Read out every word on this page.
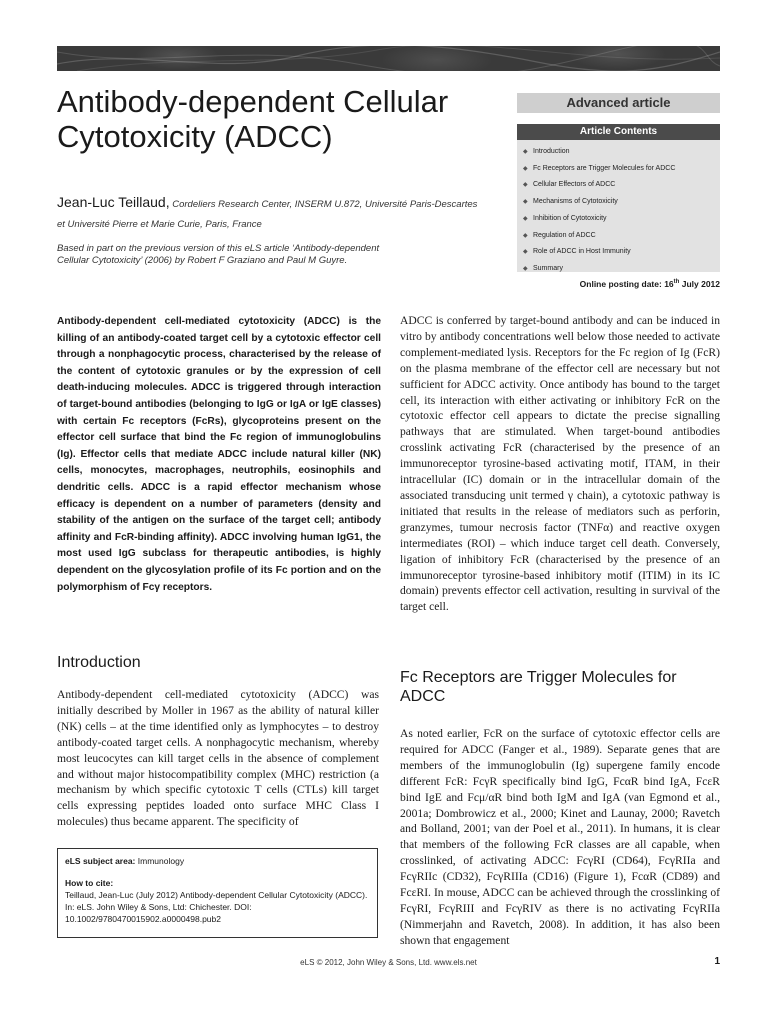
Antibody-dependent Cellular Cytotoxicity (ADCC)
Jean-Luc Teillaud, Cordeliers Research Center, INSERM U.872, Université Paris-Descartes et Université Pierre et Marie Curie, Paris, France
Based in part on the previous version of this eLS article ‘Antibody-dependent Cellular Cytotoxicity’ (2006) by Robert F Graziano and Paul M Guyre.
Advanced article
Article Contents
◆ Introduction
◆ Fc Receptors are Trigger Molecules for ADCC
◆ Cellular Effectors of ADCC
◆ Mechanisms of Cytotoxicity
◆ Inhibition of Cytotoxicity
◆ Regulation of ADCC
◆ Role of ADCC in Host Immunity
◆ Summary
Online posting date: 16th July 2012
Antibody-dependent cell-mediated cytotoxicity (ADCC) is the killing of an antibody-coated target cell by a cytotoxic effector cell through a nonphagocytic process, characterised by the release of the content of cytotoxic granules or by the expression of cell death-inducing molecules. ADCC is triggered through interaction of target-bound antibodies (belonging to IgG or IgA or IgE classes) with certain Fc receptors (FcRs), glycoproteins present on the effector cell surface that bind the Fc region of immunoglobulins (Ig). Effector cells that mediate ADCC include natural killer (NK) cells, monocytes, macrophages, neutrophils, eosinophils and dendritic cells. ADCC is a rapid effector mechanism whose efficacy is dependent on a number of parameters (density and stability of the antigen on the surface of the target cell; antibody affinity and FcR-binding affinity). ADCC involving human IgG1, the most used IgG subclass for therapeutic antibodies, is highly dependent on the glycosylation profile of its Fc portion and on the polymorphism of Fcγ receptors.
Introduction
Antibody-dependent cell-mediated cytotoxicity (ADCC) was initially described by Moller in 1967 as the ability of natural killer (NK) cells – at the time identified only as lymphocytes – to destroy antibody-coated target cells. A nonphagocytic mechanism, whereby most leucocytes can kill target cells in the absence of complement and without major histocompatibility complex (MHC) restriction (a mechanism by which specific cytotoxic T cells (CTLs) kill target cells expressing peptides loaded onto surface MHC Class I molecules) thus became apparent. The specificity of
ADCC is conferred by target-bound antibody and can be induced in vitro by antibody concentrations well below those needed to activate complement-mediated lysis. Receptors for the Fc region of Ig (FcR) on the plasma membrane of the effector cell are necessary but not sufficient for ADCC activity. Once antibody has bound to the target cell, its interaction with either activating or inhibitory FcR on the cytotoxic effector cell appears to dictate the precise signalling pathways that are stimulated. When target-bound antibodies crosslink activating FcR (characterised by the presence of an immunoreceptor tyrosine-based activating motif, ITAM, in their intracellular (IC) domain or in the intracellular domain of the associated transducing unit termed γ chain), a cytotoxic pathway is initiated that results in the release of mediators such as perforin, granzymes, tumour necrosis factor (TNFα) and reactive oxygen intermediates (ROI) – which induce target cell death. Conversely, ligation of inhibitory FcR (characterised by the presence of an immunoreceptor tyrosine-based inhibitory motif (ITIM) in its IC domain) prevents effector cell activation, resulting in survival of the target cell.
Fc Receptors are Trigger Molecules for ADCC
As noted earlier, FcR on the surface of cytotoxic effector cells are required for ADCC (Fanger et al., 1989). Separate genes that are members of the immunoglobulin (Ig) supergene family encode different FcR: FcγR specifically bind IgG, FcαR bind IgA, FcεR bind IgE and Fcμ/αR bind both IgM and IgA (van Egmond et al., 2001a; Dombrowicz et al., 2000; Kinet and Launay, 2000; Ravetch and Bolland, 2001; van der Poel et al., 2011). In humans, it is clear that members of the following FcR classes are all capable, when crosslinked, of activating ADCC: FcγRI (CD64), FcγRIIa and FcγRIIc (CD32), FcγRIIIa (CD16) (Figure 1), FcαR (CD89) and FcεRI. In mouse, ADCC can be achieved through the crosslinking of FcγRI, FcγRIII and FcγRIV as there is no activating FcγRIIa (Nimmerjahn and Ravetch, 2008). In addition, it has also been shown that engagement
eLS subject area: Immunology
How to cite:
Teillaud, Jean-Luc (July 2012) Antibody-dependent Cellular Cytotoxicity (ADCC). In: eLS. John Wiley & Sons, Ltd: Chichester. DOI: 10.1002/9780470015902.a0000498.pub2
eLS © 2012, John Wiley & Sons, Ltd. www.els.net	1
